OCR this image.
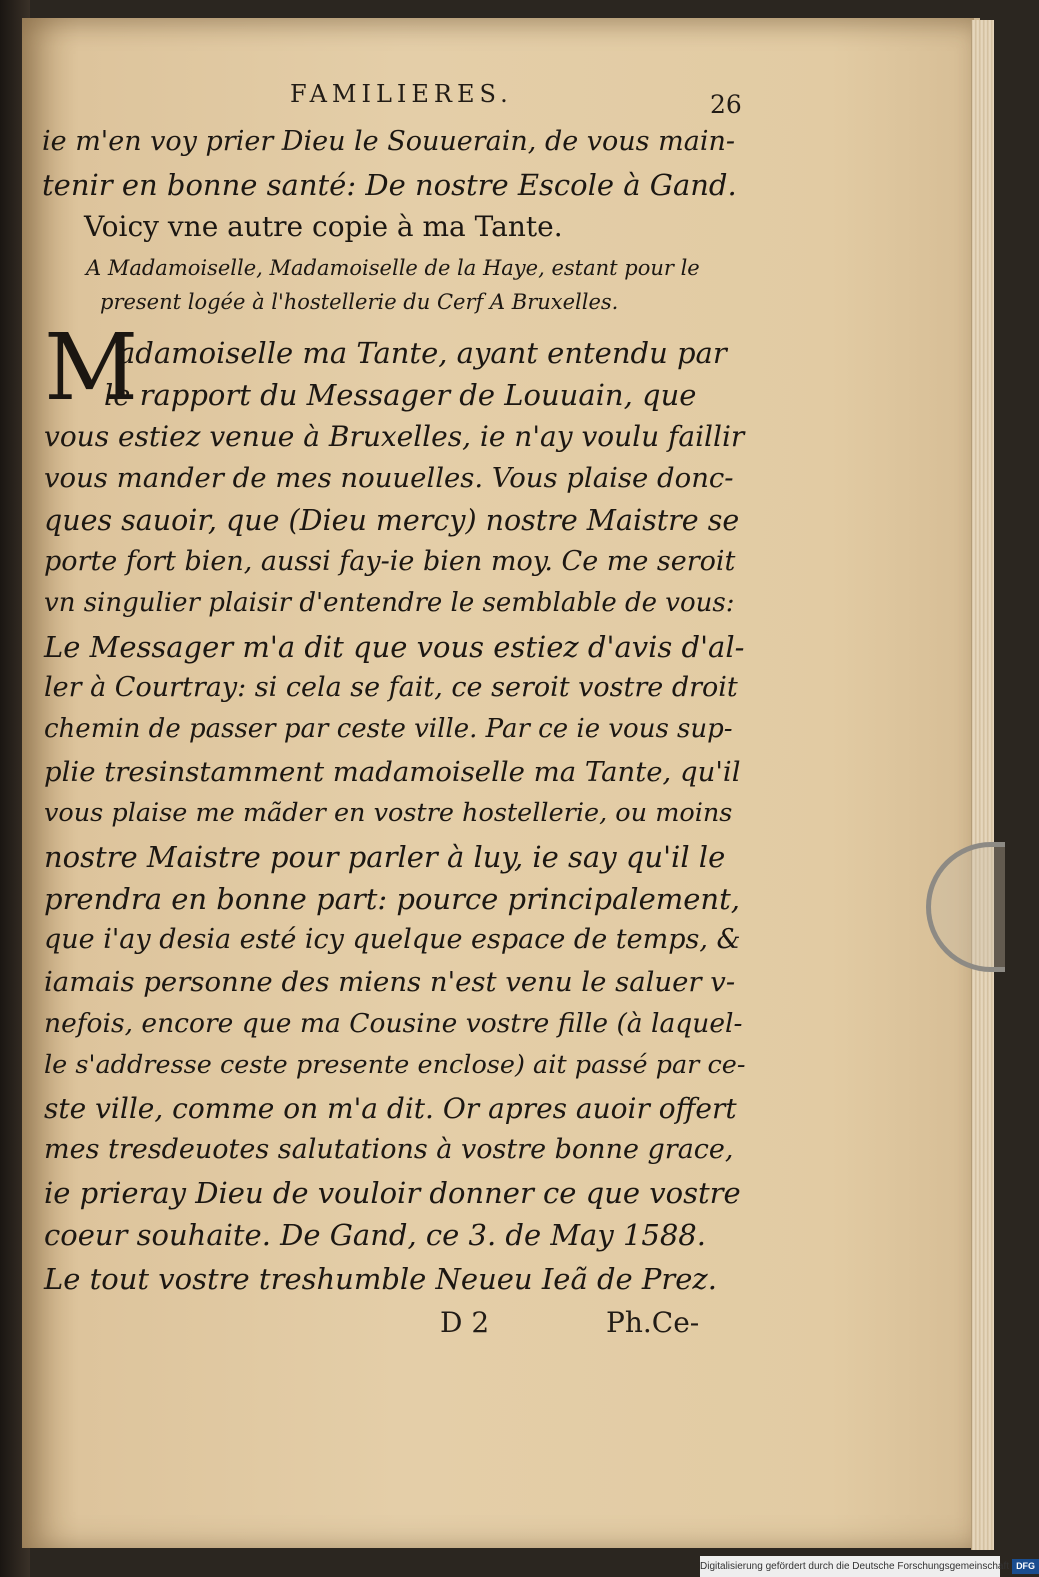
FAMILIERES.	26
M
ie m'en voy prier Dieu le Souuerain, de vous main-
tenir en bonne santé: De nostre Escole à Gand.
Voicy vne autre copie à ma Tante.
A Madamoiselle, Madamoiselle de la Haye, estant pour le
present logée à l'hostellerie du Cerf A Bruxelles.
adamoiselle ma Tante, ayant entendu par
le rapport du Messager de Louuain, que
vous estiez venue à Bruxelles, ie n'ay voulu faillir
vous mander de mes nouuelles. Vous plaise donc-
ques sauoir, que (Dieu mercy) nostre Maistre se
porte fort bien, aussi fay-ie bien moy. Ce me seroit
vn singulier plaisir d'entendre le semblable de vous:
Le Messager m'a dit que vous estiez d'avis d'al-
ler à Courtray: si cela se fait, ce seroit vostre droit
chemin de passer par ceste ville. Par ce ie vous sup-
plie tresinstamment madamoiselle ma Tante, qu'il
vous plaise me mãder en vostre hostellerie, ou moins
nostre Maistre pour parler à luy, ie say qu'il le
prendra en bonne part: pource principalement,
que i'ay desia esté icy quelque espace de temps, &
iamais personne des miens n'est venu le saluer v-
nefois, encore que ma Cousine vostre fille (à laquel-
le s'addresse ceste presente enclose) ait passé par ce-
ste ville, comme on m'a dit. Or apres auoir offert
mes tresdeuotes salutations à vostre bonne grace,
ie prieray Dieu de vouloir donner ce que vostre
coeur souhaite. De Gand, ce 3. de May 1588.
Le tout vostre treshumble Neueu Ieã de Prez.
D 2	Ph.Ce-
Digitalisierung gefördert durch die Deutsche Forschungsgemeinschaft DFG
